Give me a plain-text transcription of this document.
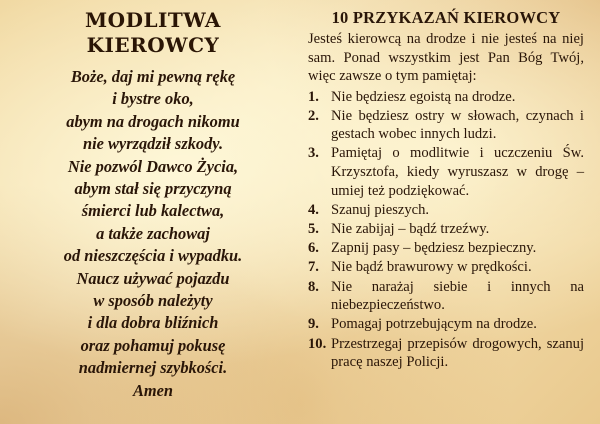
MODLITWA
KIEROWCY
Boże, daj mi pewną rękę
i bystre oko,
abym na drogach nikomu
nie wyrządził szkody.
Nie pozwól Dawco Życia,
abym stał się przyczyną
śmierci lub kalectwa,
a także zachowaj
od nieszczęścia i wypadku.
Naucz używać pojazdu
w sposób należyty
i dla dobra bliźnich
oraz pohamuj pokusę
nadmiernej szybkości.
Amen
10 PRZYKAZAŃ KIEROWCY

Jesteś kierowcą na drodze i nie jesteś na niej sam. Ponad wszystkim jest Pan Bóg Twój, więc zawsze o tym pamiętaj:

1. Nie będziesz egoistą na drodze.
2. Nie będziesz ostry w słowach, czynach i gestach wobec innych ludzi.
3. Pamiętaj o modlitwie i uczczeniu Św. Krzysztofa, kiedy wyruszasz w drogę – umiej też podziękować.
4. Szanuj pieszych.
5. Nie zabijaj – bądź trzeźwy.
6. Zapnij pasy – będziesz bezpieczny.
7. Nie bądź brawurowy w prędkości.
8. Nie narażaj siebie i innych na niebezpieczeństwo.
9. Pomagaj potrzebującym na drodze.
10. Przestrzegaj przepisów drogowych, szanuj pracę naszej Policji.
